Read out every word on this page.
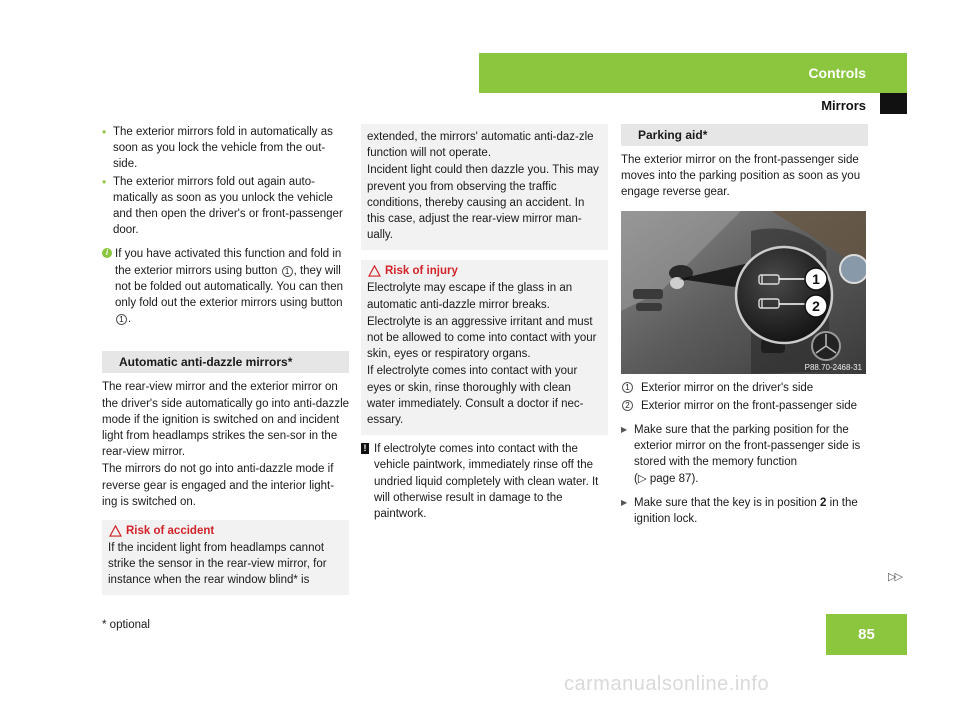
Controls
Mirrors
• The exterior mirrors fold in automatically as soon as you lock the vehicle from the out-side.
• The exterior mirrors fold out again auto-matically as soon as you unlock the vehicle and then open the driver's or front-passenger door.
i If you have activated this function and fold in the exterior mirrors using button 1 , they will not be folded out automatically. You can then only fold out the exterior mirrors using button 1 .
Automatic anti-dazzle mirrors*
The rear-view mirror and the exterior mirror on the driver's side automatically go into anti-dazzle mode if the ignition is switched on and incident light from headlamps strikes the sen-sor in the rear-view mirror.
The mirrors do not go into anti-dazzle mode if reverse gear is engaged and the interior light-ing is switched on.
Risk of accident
If the incident light from headlamps cannot strike the sensor in the rear-view mirror, for instance when the rear window blind* is
extended, the mirrors' automatic anti-daz-zle function will not operate.
Incident light could then dazzle you. This may prevent you from observing the traffic conditions, thereby causing an accident. In this case, adjust the rear-view mirror man-ually.
Risk of injury
Electrolyte may escape if the glass in an automatic anti-dazzle mirror breaks.
Electrolyte is an aggressive irritant and must not be allowed to come into contact with your skin, eyes or respiratory organs.
If electrolyte comes into contact with your eyes or skin, rinse thoroughly with clean water immediately. Consult a doctor if nec-essary.
! If electrolyte comes into contact with the vehicle paintwork, immediately rinse off the undried liquid completely with clean water. It will otherwise result in damage to the paintwork.
Parking aid*
The exterior mirror on the front-passenger side moves into the parking position as soon as you engage reverse gear.
1
2
P88.70-2468-31
1 Exterior mirror on the driver's side
2 Exterior mirror on the front-passenger side
▶ Make sure that the parking position for the exterior mirror on the front-passenger side is stored with the memory function
(▷ page 87).
▶ Make sure that the key is in position 2 in the ignition lock.
▷▷
85
* optional
carmanualsonline.info
